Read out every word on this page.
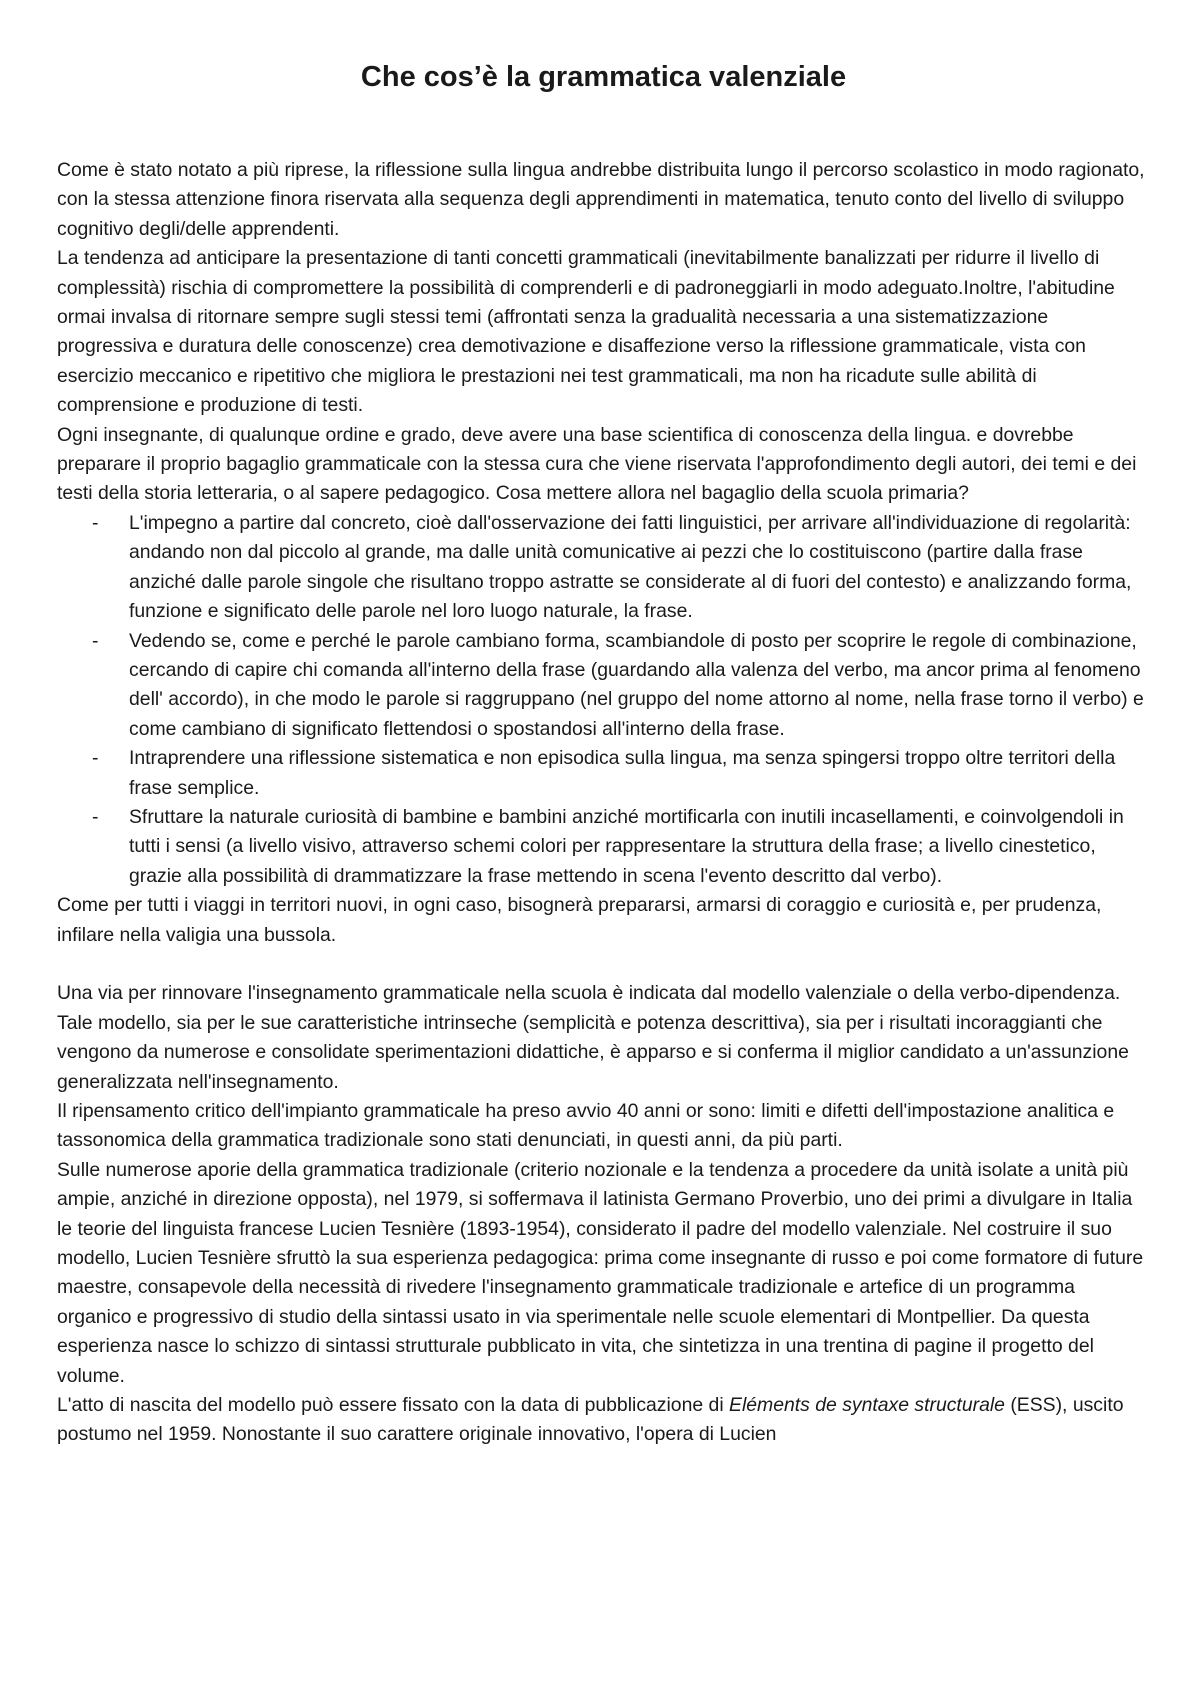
Che cos’è la grammatica valenziale

Come è stato notato a più riprese, la riflessione sulla lingua andrebbe distribuita lungo il percorso scolastico in modo ragionato, con la stessa attenzione finora riservata alla sequenza degli apprendimenti in matematica, tenuto conto del livello di sviluppo cognitivo degli/delle apprendenti.

La tendenza ad anticipare la presentazione di tanti concetti grammaticali (inevitabilmente banalizzati per ridurre il livello di complessità) rischia di compromettere la possibilità di comprenderli e di padroneggiarli in modo adeguato.Inoltre, l'abitudine ormai invalsa di ritornare sempre sugli stessi temi (affrontati senza la gradualità necessaria a una sistematizzazione progressiva e duratura delle conoscenze) crea demotivazione e disaffezione verso la riflessione grammaticale, vista con esercizio meccanico e ripetitivo che migliora le prestazioni nei test grammaticali, ma non ha ricadute sulle abilità di comprensione e produzione di testi.

Ogni insegnante, di qualunque ordine e grado, deve avere una base scientifica di conoscenza della lingua. e dovrebbe preparare il proprio bagaglio grammaticale con la stessa cura che viene riservata l'approfondimento degli autori, dei temi e dei testi della storia letteraria, o al sapere pedagogico. Cosa mettere allora nel bagaglio della scuola primaria?

- L'impegno a partire dal concreto, cioè dall'osservazione dei fatti linguistici, per arrivare all'individuazione di regolarità: andando non dal piccolo al grande, ma dalle unità comunicative ai pezzi che lo costituiscono (partire dalla frase anziché dalle parole singole che risultano troppo astratte se considerate al di fuori del contesto) e analizzando forma, funzione e significato delle parole nel loro luogo naturale, la frase.
- Vedendo se, come e perché le parole cambiano forma, scambiandole di posto per scoprire le regole di combinazione, cercando di capire chi comanda all'interno della frase (guardando alla valenza del verbo, ma ancor prima al fenomeno dell' accordo), in che modo le parole si raggruppano (nel gruppo del nome attorno al nome, nella frase torno il verbo) e come cambiano di significato flettendosi o spostandosi all'interno della frase.
- Intraprendere una riflessione sistematica e non episodica sulla lingua, ma senza spingersi troppo oltre territori della frase semplice.
- Sfruttare la naturale curiosità di bambine e bambini anziché mortificarla con inutili incasellamenti, e coinvolgendoli in tutti i sensi (a livello visivo, attraverso schemi colori per rappresentare la struttura della frase; a livello cinestetico, grazie alla possibilità di drammatizzare la frase mettendo in scena l'evento descritto dal verbo).

Come per tutti i viaggi in territori nuovi, in ogni caso, bisognerà prepararsi, armarsi di coraggio e curiosità e, per prudenza, infilare nella valigia una bussola.

Una via per rinnovare l'insegnamento grammaticale nella scuola è indicata dal modello valenziale o della verbo-dipendenza. Tale modello, sia per le sue caratteristiche intrinseche (semplicità e potenza descrittiva), sia per i risultati incoraggianti che vengono da numerose e consolidate sperimentazioni didattiche, è apparso e si conferma il miglior candidato a un'assunzione generalizzata nell'insegnamento.

Il ripensamento critico dell'impianto grammaticale ha preso avvio 40 anni or sono: limiti e difetti dell'impostazione analitica e tassonomica della grammatica tradizionale sono stati denunciati, in questi anni, da più parti.

Sulle numerose aporie della grammatica tradizionale (criterio nozionale e la tendenza a procedere da unità isolate a unità più ampie, anziché in direzione opposta), nel 1979, si soffermava il latinista Germano Proverbio, uno dei primi a divulgare in Italia le teorie del linguista francese Lucien Tesnière (1893-1954), considerato il padre del modello valenziale. Nel costruire il suo modello, Lucien Tesnière sfruttò la sua esperienza pedagogica: prima come insegnante di russo e poi come formatore di future maestre, consapevole della necessità di rivedere l'insegnamento grammaticale tradizionale e artefice di un programma organico e progressivo di studio della sintassi usato in via sperimentale nelle scuole elementari di Montpellier. Da questa esperienza nasce lo schizzo di sintassi strutturale pubblicato in vita, che sintetizza in una trentina di pagine il progetto del volume.

L'atto di nascita del modello può essere fissato con la data di pubblicazione di Eléments de syntaxe structurale (ESS), uscito postumo nel 1959. Nonostante il suo carattere originale innovativo, l'opera di Lucien
